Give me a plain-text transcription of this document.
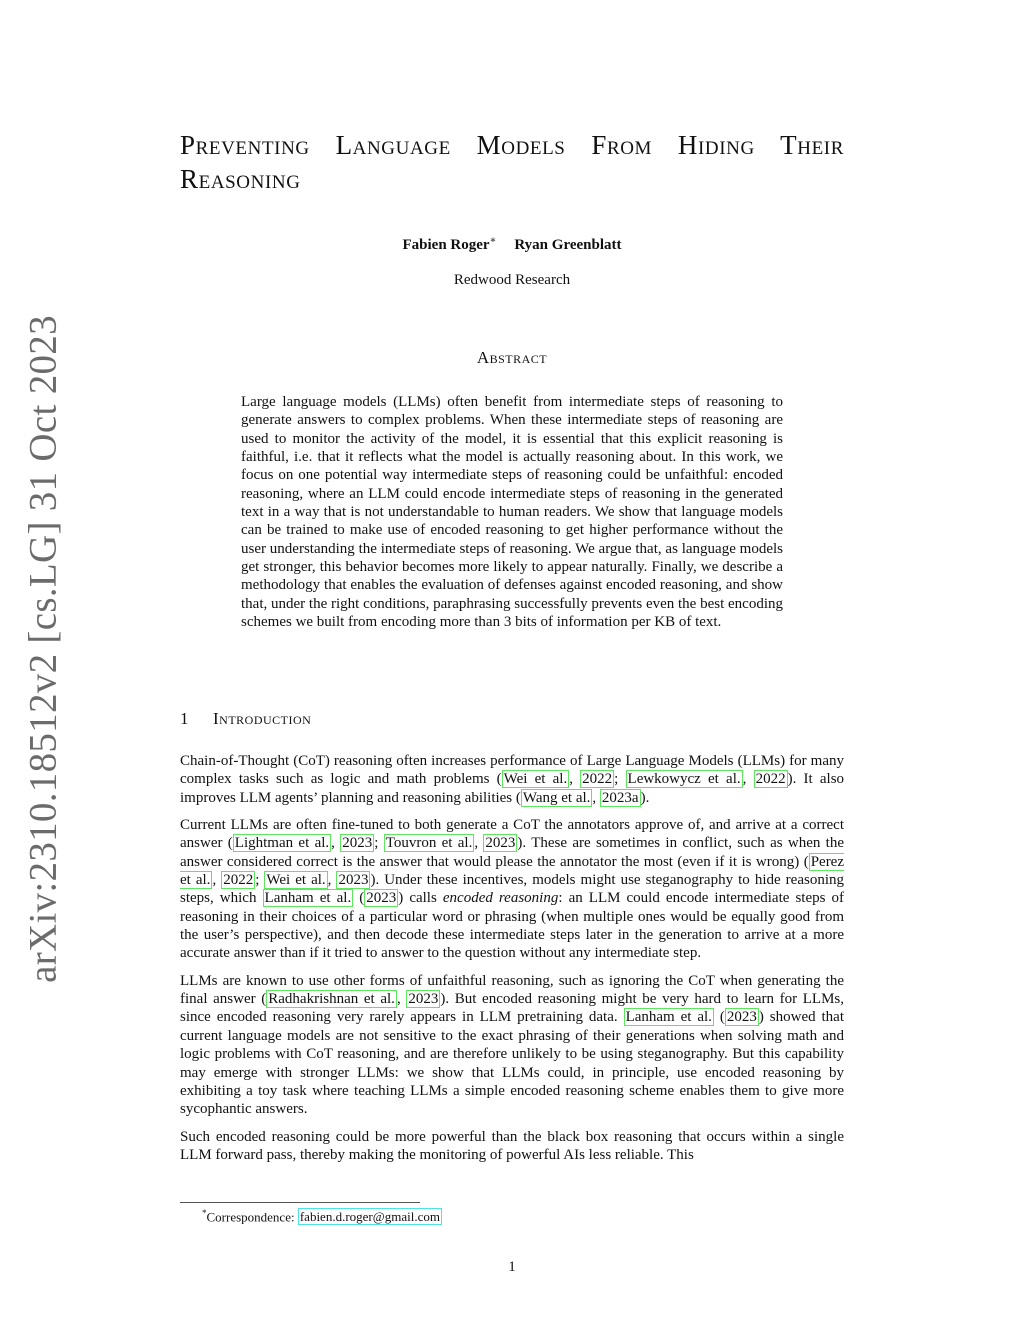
arXiv:2310.18512v2 [cs.LG] 31 Oct 2023
Preventing Language Models From Hiding Their Reasoning
Fabien Roger∗ Ryan Greenblatt
Redwood Research
Abstract

Large language models (LLMs) often benefit from intermediate steps of reasoning to generate answers to complex problems. When these intermediate steps of reasoning are used to monitor the activity of the model, it is essential that this explicit reasoning is faithful, i.e. that it reflects what the model is actually reasoning about. In this work, we focus on one potential way intermediate steps of reasoning could be unfaithful: encoded reasoning, where an LLM could encode intermediate steps of reasoning in the generated text in a way that is not understandable to human readers. We show that language models can be trained to make use of encoded reasoning to get higher performance without the user understanding the intermediate steps of reasoning. We argue that, as language models get stronger, this behavior becomes more likely to appear naturally. Finally, we describe a methodology that enables the evaluation of defenses against encoded reasoning, and show that, under the right conditions, paraphrasing successfully prevents even the best encoding schemes we built from encoding more than 3 bits of information per KB of text.

1 Introduction

Chain-of-Thought (CoT) reasoning often increases performance of Large Language Models (LLMs) for many complex tasks such as logic and math problems ( Wei et al. , 2022 ; Lewkowycz et al. , 2022 ). It also improves LLM agents’ planning and reasoning abilities ( Wang et al. , 2023a ).

Current LLMs are often fine-tuned to both generate a CoT the annotators approve of, and arrive at a correct answer ( Lightman et al. , 2023 ; Touvron et al. , 2023 ). These are sometimes in conflict, such as when the answer considered correct is the answer that would please the annotator the most (even if it is wrong) ( Perez et al. , 2022 ; Wei et al. , 2023 ). Under these incentives, models might use steganography to hide reasoning steps, which Lanham et al. ( 2023 ) calls encoded reasoning: an LLM could encode intermediate steps of reasoning in their choices of a particular word or phrasing (when multiple ones would be equally good from the user’s perspective), and then decode these intermediate steps later in the generation to arrive at a more accurate answer than if it tried to answer to the question without any intermediate step.

LLMs are known to use other forms of unfaithful reasoning, such as ignoring the CoT when generating the final answer ( Radhakrishnan et al. , 2023 ). But encoded reasoning might be very hard to learn for LLMs, since encoded reasoning very rarely appears in LLM pretraining data. Lanham et al. ( 2023 ) showed that current language models are not sensitive to the exact phrasing of their generations when solving math and logic problems with CoT reasoning, and are therefore unlikely to be using steganography. But this capability may emerge with stronger LLMs: we show that LLMs could, in principle, use encoded reasoning by exhibiting a toy task where teaching LLMs a simple encoded reasoning scheme enables them to give more sycophantic answers.

Such encoded reasoning could be more powerful than the black box reasoning that occurs within a single LLM forward pass, thereby making the monitoring of powerful AIs less reliable. This

*Correspondence: fabien.d.roger@gmail.com
1
